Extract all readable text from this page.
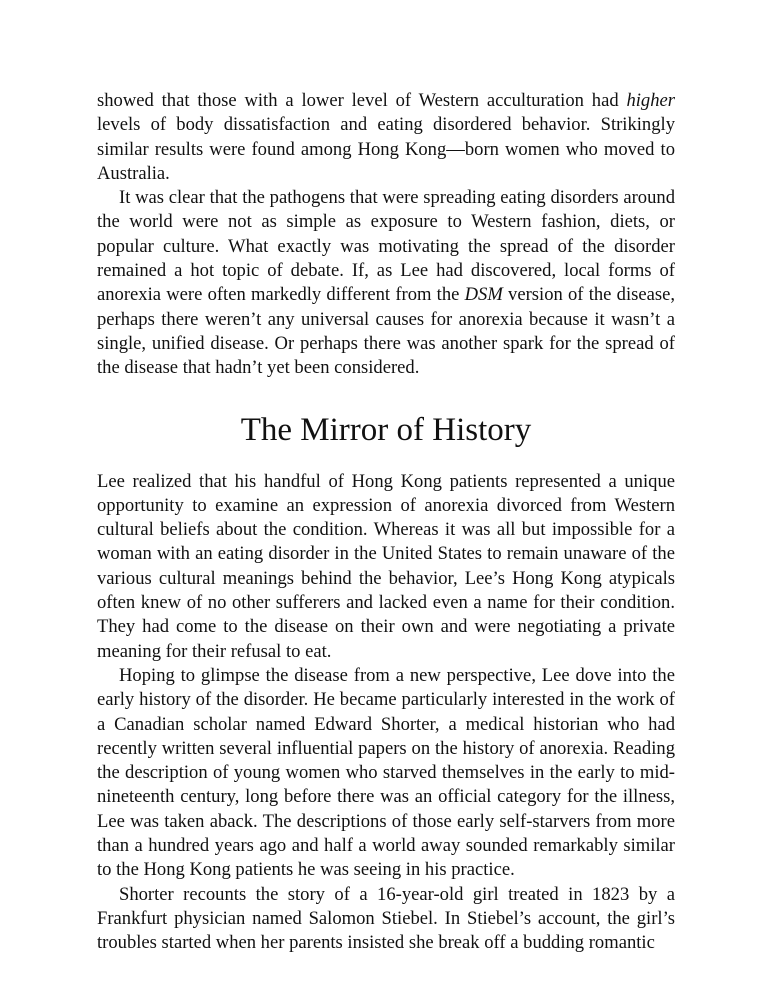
showed that those with a lower level of Western acculturation had higher levels of body dissatisfaction and eating disordered behavior. Strikingly similar results were found among Hong Kong—born women who moved to Australia.

It was clear that the pathogens that were spreading eating disorders around the world were not as simple as exposure to Western fashion, diets, or popular culture. What exactly was motivating the spread of the disorder remained a hot topic of debate. If, as Lee had discovered, local forms of anorexia were often markedly different from the DSM version of the disease, perhaps there weren’t any universal causes for anorexia because it wasn’t a single, unified disease. Or perhaps there was another spark for the spread of the disease that hadn’t yet been considered.

The Mirror of History

Lee realized that his handful of Hong Kong patients represented a unique opportunity to examine an expression of anorexia divorced from Western cultural beliefs about the condition. Whereas it was all but impossible for a woman with an eating disorder in the United States to remain unaware of the various cultural meanings behind the behavior, Lee’s Hong Kong atypicals often knew of no other sufferers and lacked even a name for their condition. They had come to the disease on their own and were negotiating a private meaning for their refusal to eat.

Hoping to glimpse the disease from a new perspective, Lee dove into the early history of the disorder. He became particularly interested in the work of a Canadian scholar named Edward Shorter, a medical historian who had recently written several influential papers on the history of anorexia. Reading the description of young women who starved themselves in the early to mid-nineteenth century, long before there was an official category for the illness, Lee was taken aback. The descriptions of those early self-starvers from more than a hundred years ago and half a world away sounded remarkably similar to the Hong Kong patients he was seeing in his practice.

Shorter recounts the story of a 16-year-old girl treated in 1823 by a Frankfurt physician named Salomon Stiebel. In Stiebel’s account, the girl’s troubles started when her parents insisted she break off a budding romantic
